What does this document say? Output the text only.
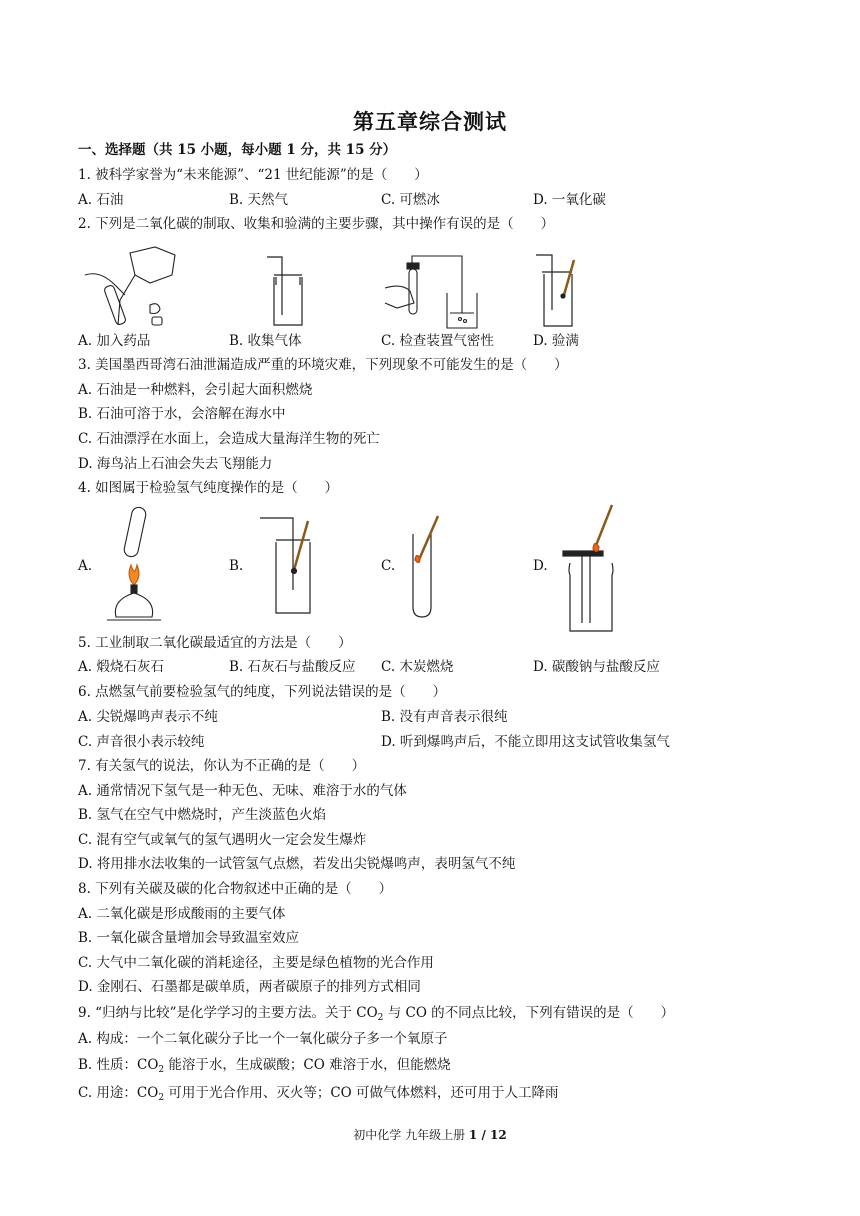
第五章综合测试
一、选择题（共 15 小题，每小题 1 分，共 15 分）
1. 被科学家誉为“未来能源”、“21 世纪能源”的是（　　）
A. 石油	B. 天然气	C. 可燃冰	D. 一氧化碳
2. 下列是二氧化碳的制取、收集和验满的主要步骤，其中操作有误的是（　　）
A. 加入药品	B. 收集气体	C. 检查装置气密性	D. 验满
3. 美国墨西哥湾石油泄漏造成严重的环境灾难，下列现象不可能发生的是（　　）
A. 石油是一种燃料，会引起大面积燃烧
B. 石油可溶于水，会溶解在海水中
C. 石油漂浮在水面上，会造成大量海洋生物的死亡
D. 海鸟沾上石油会失去飞翔能力
4. 如图属于检验氢气纯度操作的是（　　）
A.	B.	C.	D.
5. 工业制取二氧化碳最适宜的方法是（　　）
A. 煅烧石灰石	B. 石灰石与盐酸反应 C. 木炭燃烧	D. 碳酸钠与盐酸反应
6. 点燃氢气前要检验氢气的纯度，下列说法错误的是（　　）
A. 尖锐爆鸣声表示不纯	B. 没有声音表示很纯
C. 声音很小表示较纯	D. 听到爆鸣声后，不能立即用这支试管收集氢气
7. 有关氢气的说法，你认为不正确的是（　　）
A. 通常情况下氢气是一种无色、无味、难溶于水的气体
B. 氢气在空气中燃烧时，产生淡蓝色火焰
C. 混有空气或氧气的氢气遇明火一定会发生爆炸
D. 将用排水法收集的一试管氢气点燃，若发出尖锐爆鸣声，表明氢气不纯
8. 下列有关碳及碳的化合物叙述中正确的是（　　）
A. 二氧化碳是形成酸雨的主要气体
B. 一氧化碳含量增加会导致温室效应
C. 大气中二氧化碳的消耗途径，主要是绿色植物的光合作用
D. 金刚石、石墨都是碳单质，两者碳原子的排列方式相同
9. “归纳与比较”是化学学习的主要方法。关于 $CO_2$ 与 CO 的不同点比较，下列有错误的是（　　）
A. 构成：一个二氧化碳分子比一个一氧化碳分子多一个氧原子
B. 性质：$CO_2$ 能溶于水，生成碳酸；CO 难溶于水，但能燃烧
C. 用途：$CO_2$ 可用于光合作用、灭火等；CO 可做气体燃料，还可用于人工降雨
初中化学 九年级上册 1 / 12
